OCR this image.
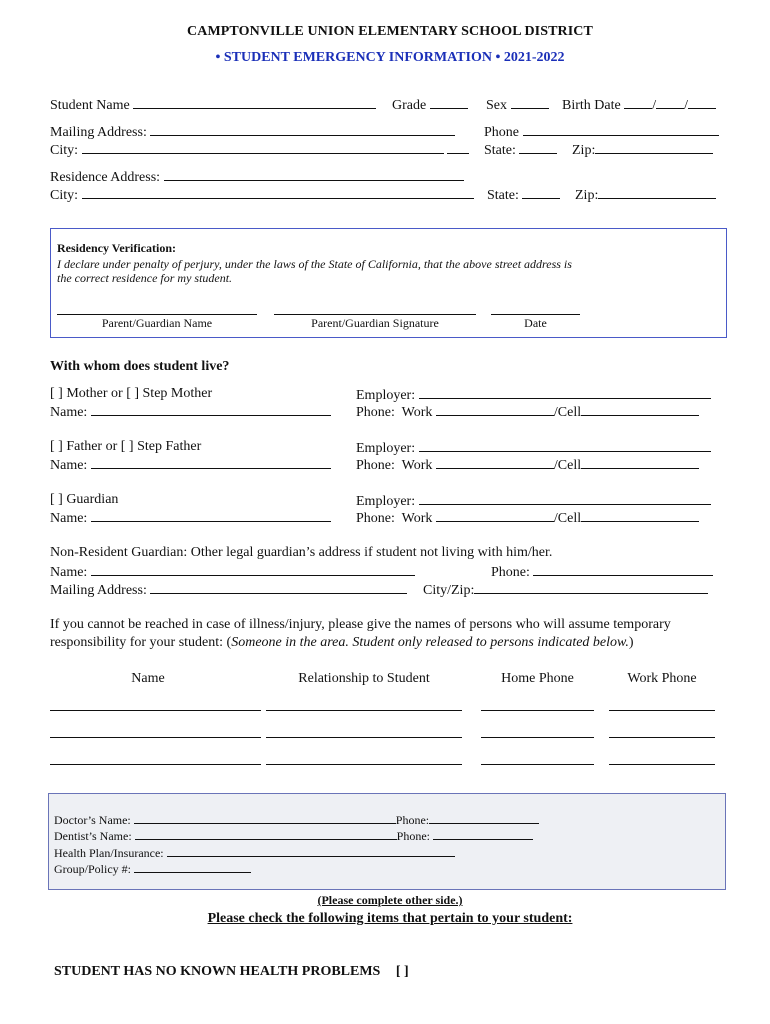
CAMPTONVILLE UNION ELEMENTARY SCHOOL DISTRICT
• STUDENT EMERGENCY INFORMATION • 2021-2022
Student Name	Grade	Sex	Birth Date / /
Mailing Address:	Phone
City:	State:	Zip:
Residence Address:
City:	State:	Zip:
Residency Verification:
I declare under penalty of perjury, under the laws of the State of California, that the above street address is
the correct residence for my student.
Parent/Guardian Name	Parent/Guardian Signature	Date
With whom does student live?
[ ] Mother or [ ] Step Mother
Name:
Employer:
Phone: Work	/Cell
[ ] Father or [ ] Step Father
Name:
Employer:
Phone: Work	/Cell
[ ] Guardian
Name:
Employer:
Phone: Work	/Cell
Non-Resident Guardian: Other legal guardian’s address if student not living with him/her.
Name:	Phone:
Mailing Address:	City/Zip:
If you cannot be reached in case of illness/injury, please give the names of persons who will assume temporary
responsibility for your student: (Someone in the area. Student only released to persons indicated below.)
Name	Relationship to Student	Home Phone	Work Phone
Doctor’s Name:	Phone:
Dentist’s Name:	Phone:
Health Plan/Insurance:
Group/Policy #:
(Please complete other side.)
Please check the following items that pertain to your student:
STUDENT HAS NO KNOWN HEALTH PROBLEMS [ ]
